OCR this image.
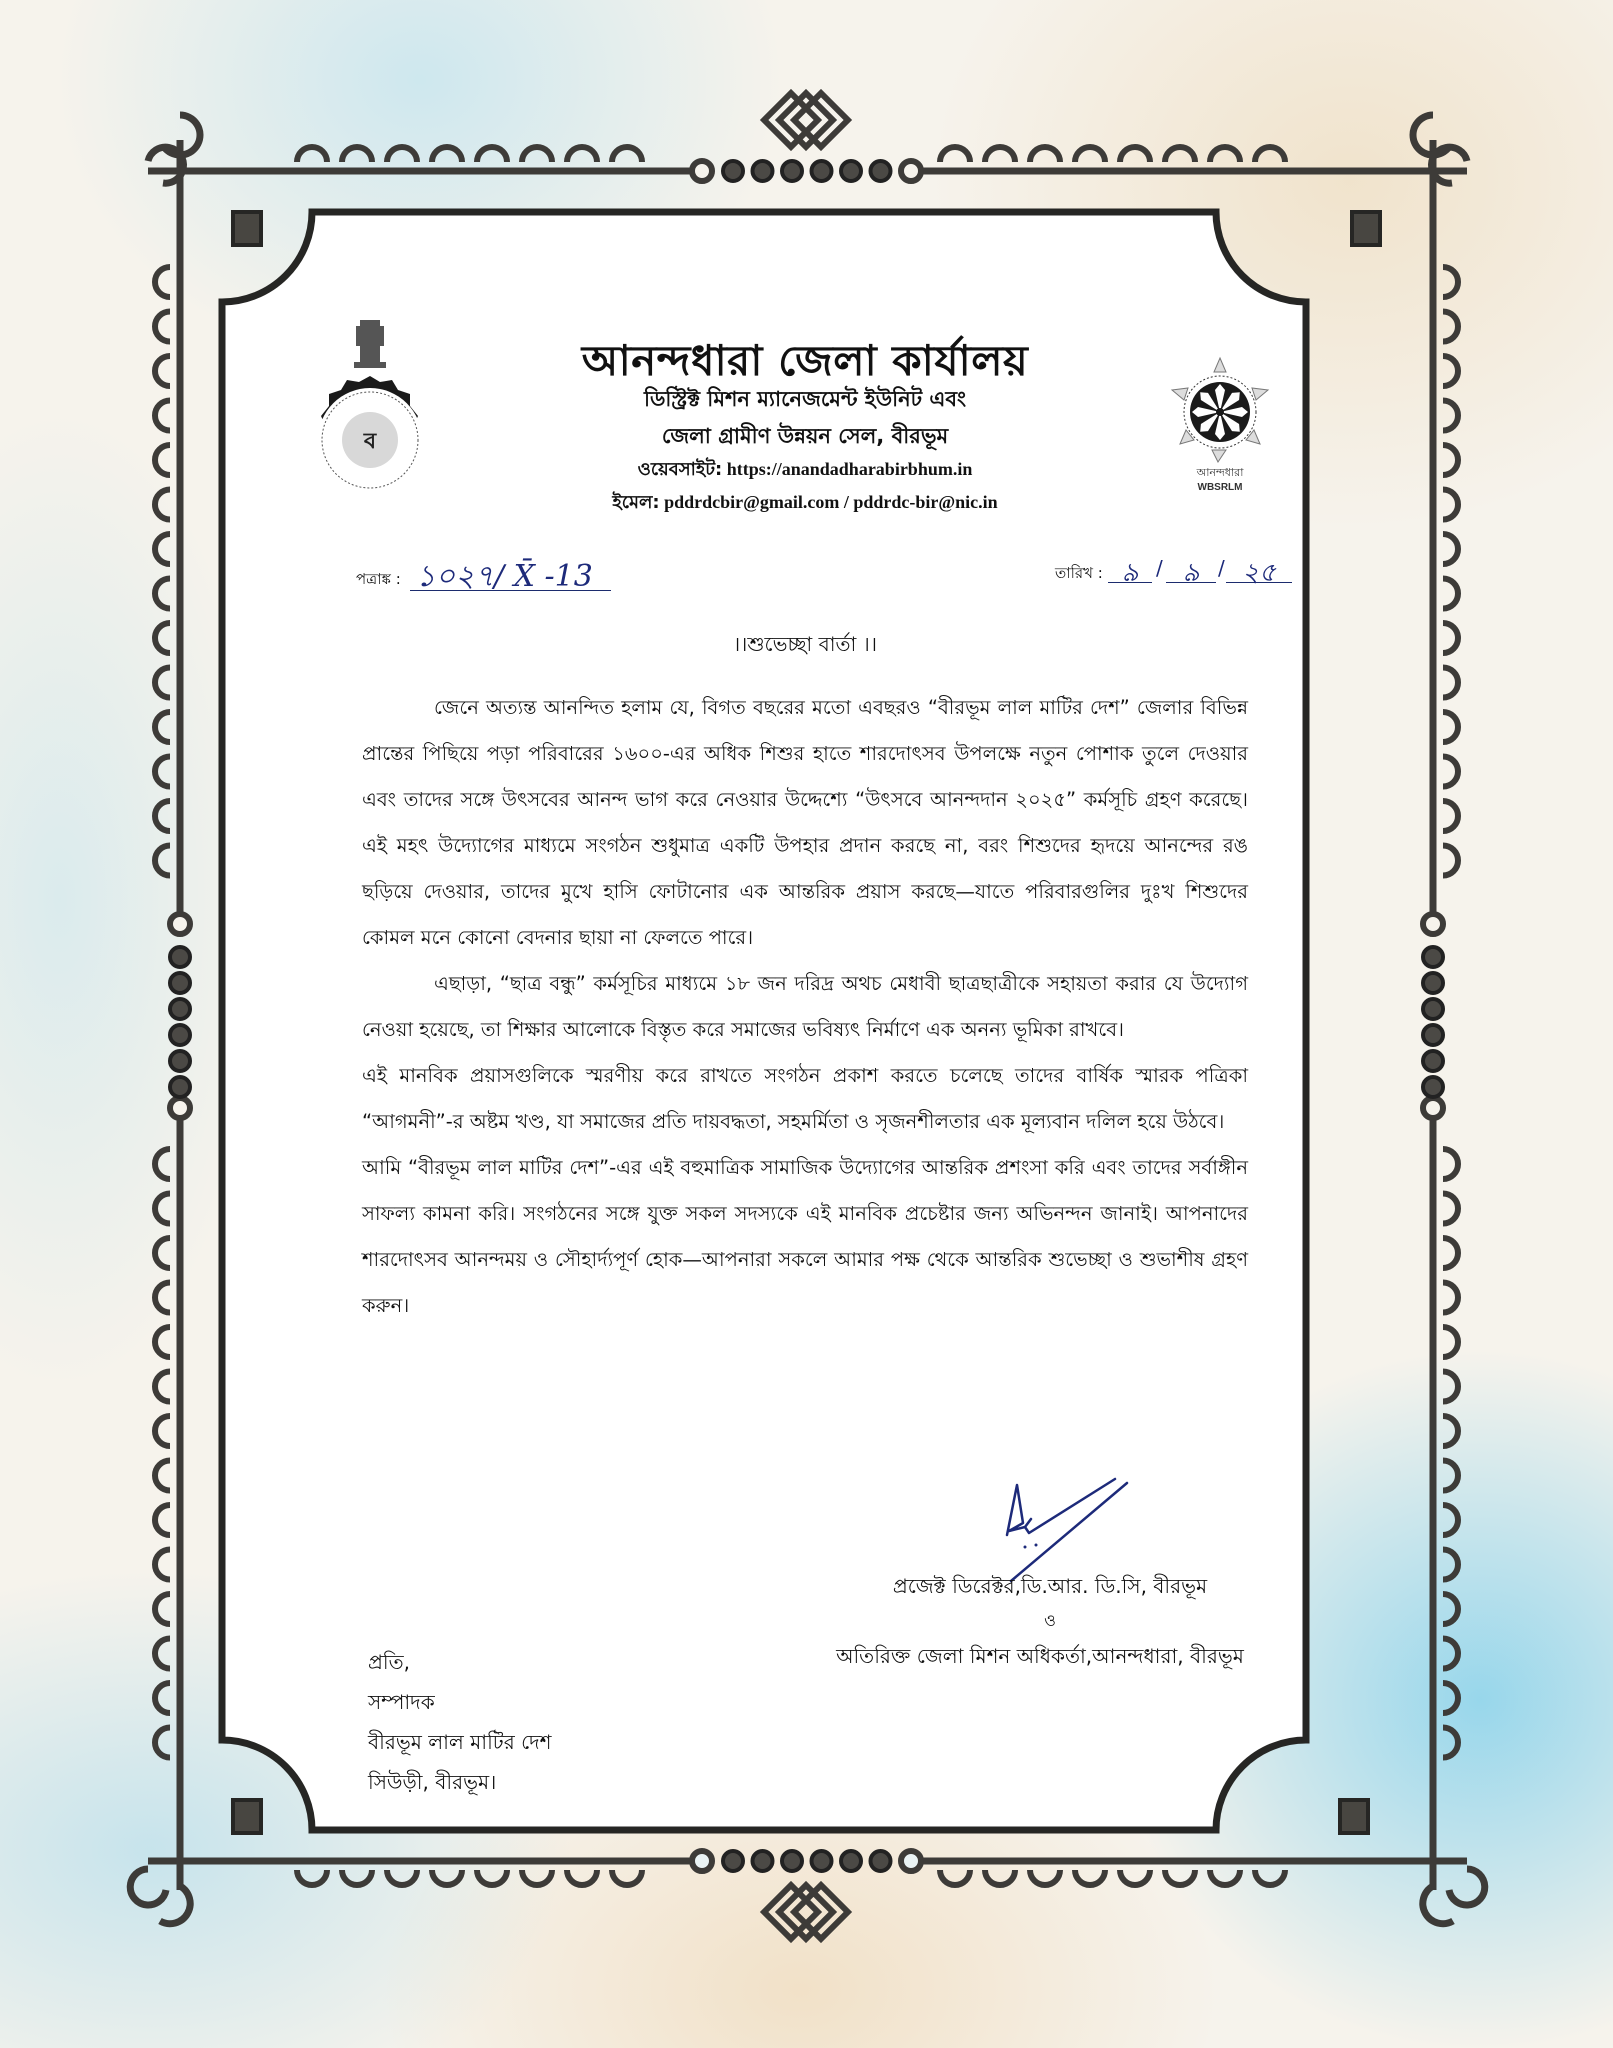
ব
আনন্দধারা
WBSRLM
আনন্দধারা জেলা কার্যালয়
ডিস্ট্রিক্ট মিশন ম্যানেজমেন্ট ইউনিট এবং
জেলা গ্রামীণ উন্নয়ন সেল, বীরভূম
ওয়েবসাইট: https://anandadharabirbhum.in
ইমেল: pddrdcbir@gmail.com / pddrdc-bir@nic.in
পত্রাঙ্ক : ১০২৭/ X̄ -13	তারিখ : ৯ / ৯ / ২৫
।।শুভেচ্ছা বার্তা ।।

জেনে অত্যন্ত আনন্দিত হলাম যে, বিগত বছরের মতো এবছরও “বীরভূম লাল মাটির দেশ” জেলার বিভিন্ন প্রান্তের পিছিয়ে পড়া পরিবারের ১৬০০-এর অধিক শিশুর হাতে শারদোৎসব উপলক্ষে নতুন পোশাক তুলে দেওয়ার এবং তাদের সঙ্গে উৎসবের আনন্দ ভাগ করে নেওয়ার উদ্দেশ্যে “উৎসবে আনন্দদান ২০২৫” কর্মসূচি গ্রহণ করেছে। এই মহৎ উদ্যোগের মাধ্যমে সংগঠন শুধুমাত্র একটি উপহার প্রদান করছে না, বরং শিশুদের হৃদয়ে আনন্দের রঙ ছড়িয়ে দেওয়ার, তাদের মুখে হাসি ফোটানোর এক আন্তরিক প্রয়াস করছে—যাতে পরিবারগুলির দুঃখ শিশুদের কোমল মনে কোনো বেদনার ছায়া না ফেলতে পারে।

এছাড়া, “ছাত্র বন্ধু” কর্মসূচির মাধ্যমে ১৮ জন দরিদ্র অথচ মেধাবী ছাত্রছাত্রীকে সহায়তা করার যে উদ্যোগ নেওয়া হয়েছে, তা শিক্ষার আলোকে বিস্তৃত করে সমাজের ভবিষ্যৎ নির্মাণে এক অনন্য ভূমিকা রাখবে।

এই মানবিক প্রয়াসগুলিকে স্মরণীয় করে রাখতে সংগঠন প্রকাশ করতে চলেছে তাদের বার্ষিক স্মারক পত্রিকা “আগমনী”-র অষ্টম খণ্ড, যা সমাজের প্রতি দায়বদ্ধতা, সহমর্মিতা ও সৃজনশীলতার এক মূল্যবান দলিল হয়ে উঠবে।

আমি “বীরভূম লাল মাটির দেশ”-এর এই বহুমাত্রিক সামাজিক উদ্যোগের আন্তরিক প্রশংসা করি এবং তাদের সর্বাঙ্গীন সাফল্য কামনা করি। সংগঠনের সঙ্গে যুক্ত সকল সদস্যকে এই মানবিক প্রচেষ্টার জন্য অভিনন্দন জানাই। আপনাদের শারদোৎসব আনন্দময় ও সৌহার্দ্যপূর্ণ হোক—আপনারা সকলে আমার পক্ষ থেকে আন্তরিক শুভেচ্ছা ও শুভাশীষ গ্রহণ করুন।

প্রজেক্ট ডিরেক্টর,ডি.আর. ডি.সি, বীরভূম
ও
অতিরিক্ত জেলা মিশন অধিকর্তা,আনন্দধারা, বীরভূম
প্রতি,
সম্পাদক
বীরভূম লাল মাটির দেশ
সিউড়ী, বীরভূম।
